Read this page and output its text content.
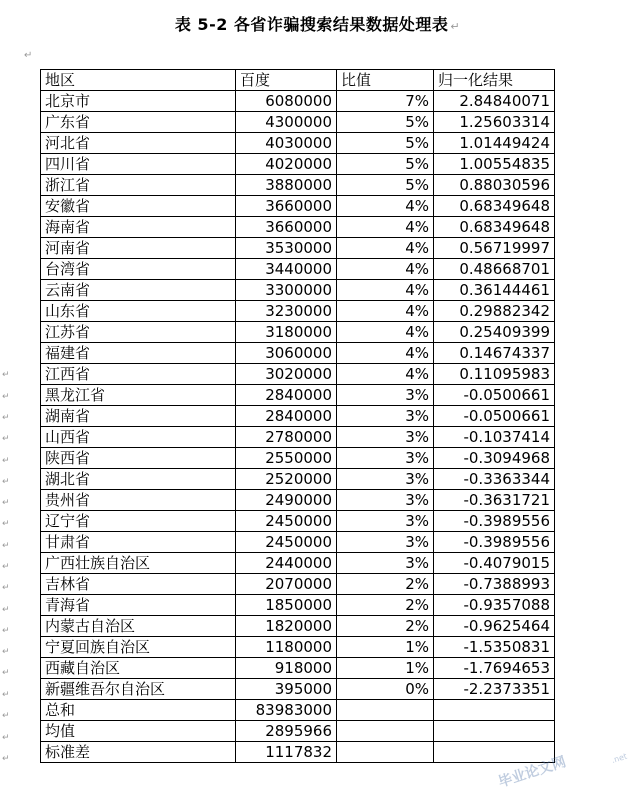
表 5-2 各省诈骗搜索结果数据处理表 ↵
↵
地区	百度	比值	归一化结果
北京市	6080000	7%	2.84840071
广东省	4300000	5%	1.25603314
河北省	4030000	5%	1.01449424
四川省	4020000	5%	1.00554835
浙江省	3880000	5%	0.88030596
安徽省	3660000	4%	0.68349648
海南省	3660000	4%	0.68349648
河南省	3530000	4%	0.56719997
台湾省	3440000	4%	0.48668701
云南省	3300000	4%	0.36144461
山东省	3230000	4%	0.29882342
江苏省	3180000	4%	0.25409399
福建省	3060000	4%	0.14674337
江西省	3020000	4%	0.11095983
黑龙江省	2840000	3%	-0.0500661
湖南省	2840000	3%	-0.0500661
山西省	2780000	3%	-0.1037414
陕西省	2550000	3%	-0.3094968
湖北省	2520000	3%	-0.3363344
贵州省	2490000	3%	-0.3631721
辽宁省	2450000	3%	-0.3989556
甘肃省	2450000	3%	-0.3989556
广西壮族自治区	2440000	3%	-0.4079015
吉林省	2070000	2%	-0.7388993
青海省	1850000	2%	-0.9357088
内蒙古自治区	1820000	2%	-0.9625464
宁夏回族自治区	1180000	1%	-1.5350831
西藏自治区	918000	1%	-1.7694653
新疆维吾尔自治区	395000	0%	-2.2373351
总和	83983000		
均值	2895966		
标准差	1117832		
毕业论文网	.net
↵
↵
↵
↵
↵
↵
↵
↵
↵
↵
↵
↵
↵
↵
↵
↵
↵
↵
↵
